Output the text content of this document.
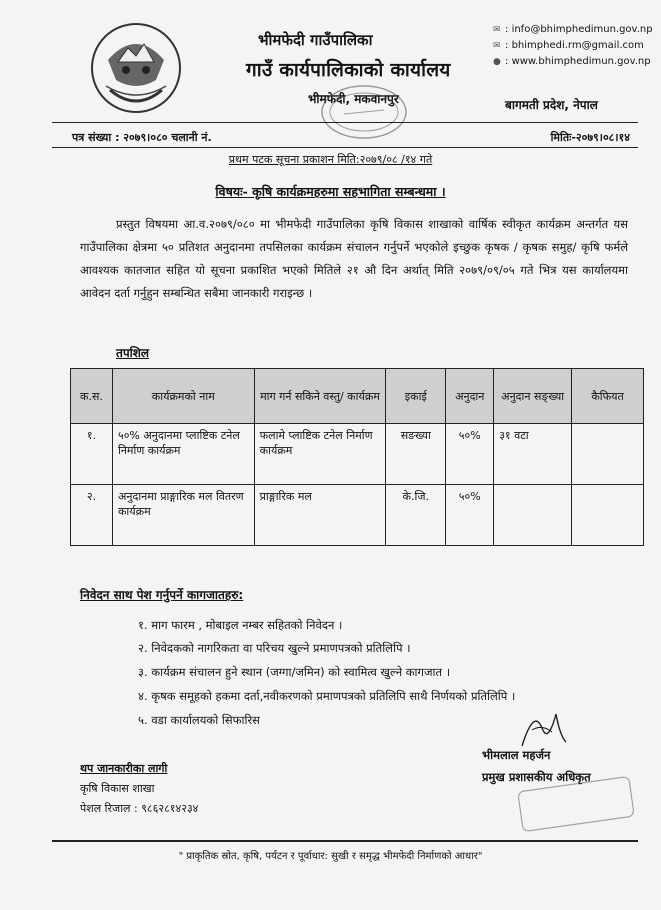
भीमफेदी गाउँपालिका
गाउँ कार्यपालिकाको कार्यालय
भीमफेदी, मकवानपुर
✉ : info@bhimphedimun.gov.np
✉ : bhimphedi.rm@gmail.com
● : www.bhimphedimun.gov.np
बागमती प्रदेश, नेपाल
पत्र संख्या : २०७९।०८० चलानी नं.	मितिः-२०७९।०८।१४
प्रथम पटक सूचना प्रकाशन मिति:२०७९/०८ /१४ गते
विषयः- कृषि कार्यक्रमहरुमा सहभागिता सम्बन्धमा ।
प्रस्तुत विषयमा आ.व.२०७९/०८० मा भीमफेदी गाउँपालिका कृषि विकास शाखाको वार्षिक स्वीकृत कार्यक्रम अन्तर्गत यस गाउँपालिका क्षेत्रमा ५० प्रतिशत अनुदानमा तपसिलका कार्यक्रम संचालन गर्नुपर्ने भएकोले इच्छुक कृषक / कृषक समुह/ कृषि फर्मले आवश्यक कातजात सहित यो सूचना प्रकाशित भएको मितिले २१ औ दिन अर्थात् मिति २०७९/०९/०५ गते भित्र यस कार्यालयमा आवेदन दर्ता गर्नुहुन सम्बन्धित सबैमा जानकारी गराइन्छ ।
तपशिल
क.स.	कार्यक्रमको नाम	माग गर्न सकिने वस्तु/ कार्यक्रम	इकाई	अनुदान	अनुदान सङ्ख्या	कैफियत
१.	५०% अनुदानमा प्लाष्टिक टनेल निर्माण कार्यक्रम	फलामे प्लाष्टिक टनेल निर्माण कार्यक्रम	सङख्या	५०%	३१ वटा	
२.	अनुदानमा प्राङ्गारिक मल वितरण कार्यक्रम	प्राङ्गारिक मल	के.जि.	५०%		
निवेदन साथ पेश गर्नुपर्ने कागजातहरु:
१. माग फारम , मोबाइल नम्बर सहितको निवेदन ।
२. निवेदकको नागरिकता वा परिचय खुल्ने प्रमाणपत्रको प्रतिलिपि ।
३. कार्यक्रम संचालन हुने स्थान (जग्गा/जमिन) को स्वामित्व खुल्ने कागजात ।
४. कृषक समूहको हकमा दर्ता,नवीकरणको प्रमाणपत्रको प्रतिलिपि साथै निर्णयको प्रतिलिपि ।
५. वडा कार्यालयको सिफारिस
भीमलाल महर्जन
प्रमुख प्रशासकीय अधिकृत
थप जानकारीका लागी
कृषि विकास शाखा
पेशल रिजाल : ९८६२८१४२३४
" प्राकृतिक स्रोत, कृषि, पर्यटन र पूर्वाधार: सुखी र समृद्ध भीमफेदी निर्माणको आधार"
